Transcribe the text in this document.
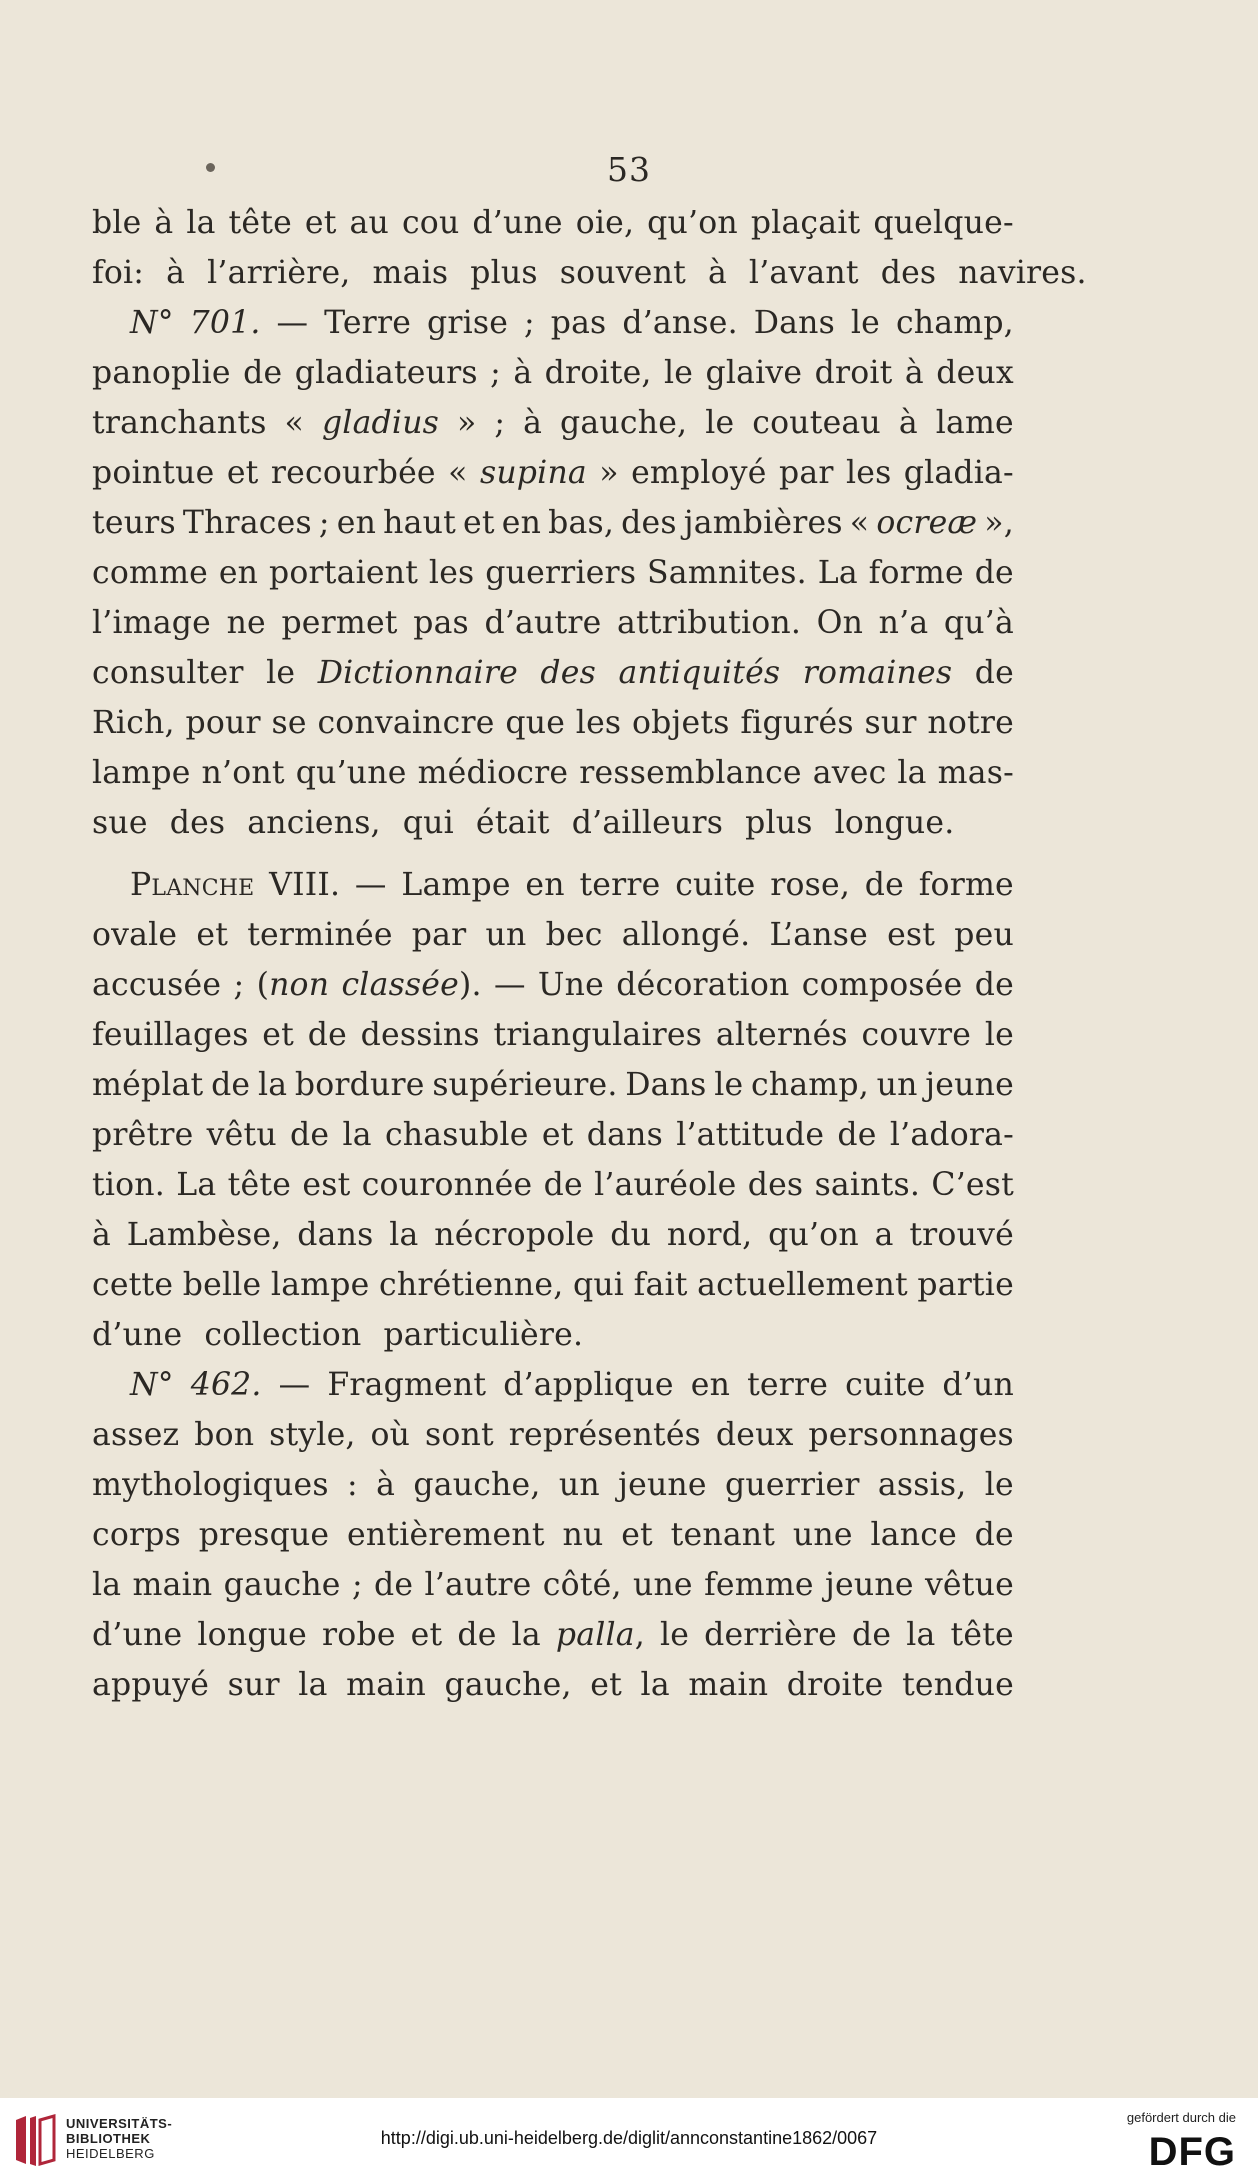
53
ble à la tête et au cou d’une oie, qu’on plaçait quelque-
foi: à l’arrière, mais plus souvent à l’avant des navires.
N° 701. — Terre grise ; pas d’anse. Dans le champ,
panoplie de gladiateurs ; à droite, le glaive droit à deux
tranchants « gladius » ; à gauche, le couteau à lame
pointue et recourbée « supina » employé par les gladia-
teurs Thraces ; en haut et en bas, des jambières « ocreæ »,
comme en portaient les guerriers Samnites. La forme de
l’image ne permet pas d’autre attribution. On n’a qu’à
consulter le Dictionnaire des antiquités romaines de
Rich, pour se convaincre que les objets figurés sur notre
lampe n’ont qu’une médiocre ressemblance avec la mas-
sue des anciens, qui était d’ailleurs plus longue.
Planche VIII. — Lampe en terre cuite rose, de forme
ovale et terminée par un bec allongé. L’anse est peu
accusée ; (non classée). — Une décoration composée de
feuillages et de dessins triangulaires alternés couvre le
méplat de la bordure supérieure. Dans le champ, un jeune
prêtre vêtu de la chasuble et dans l’attitude de l’adora-
tion. La tête est couronnée de l’auréole des saints. C’est
à Lambèse, dans la nécropole du nord, qu’on a trouvé
cette belle lampe chrétienne, qui fait actuellement partie
d’une collection particulière.
N° 462. — Fragment d’applique en terre cuite d’un
assez bon style, où sont représentés deux personnages
mythologiques : à gauche, un jeune guerrier assis, le
corps presque entièrement nu et tenant une lance de
la main gauche ; de l’autre côté, une femme jeune vêtue
d’une longue robe et de la palla, le derrière de la tête
appuyé sur la main gauche, et la main droite tendue
UNIVERSITÄTS-
BIBLIOTHEK
HEIDELBERG
http://digi.ub.uni-heidelberg.de/diglit/annconstantine1862/0067
gefördert durch die
DFG
